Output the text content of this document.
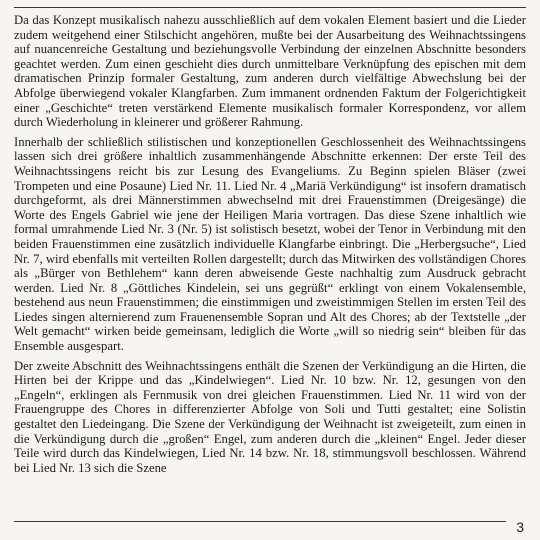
Da das Konzept musikalisch nahezu ausschließlich auf dem vokalen Element basiert und die Lieder zudem weitgehend einer Stilschicht angehören, mußte bei der Ausarbeitung des Weihnachtssingens auf nuancenreiche Gestaltung und beziehungsvolle Verbindung der einzelnen Abschnitte besonders geachtet werden. Zum einen geschieht dies durch unmittelbare Verknüpfung des epischen mit dem dramatischen Prinzip formaler Gestaltung, zum anderen durch vielfältige Abwechslung bei der Abfolge überwiegend vokaler Klangfarben. Zum immanent ordnenden Faktum der Folgerichtigkeit einer „Geschichte“ treten verstärkend Elemente musikalisch formaler Korrespondenz, vor allem durch Wiederholung in kleinerer und größerer Rahmung.

Innerhalb der schließlich stilistischen und konzeptionellen Geschlossenheit des Weihnachtssingens lassen sich drei größere inhaltlich zusammenhängende Abschnitte erkennen: Der erste Teil des Weihnachtssingens reicht bis zur Lesung des Evangeliums. Zu Beginn spielen Bläser (zwei Trompeten und eine Posaune) Lied Nr. 11. Lied Nr. 4 „Mariä Verkündigung“ ist insofern dramatisch durchgeformt, als drei Männerstimmen abwechselnd mit drei Frauenstimmen (Dreigesänge) die Worte des Engels Gabriel wie jene der Heiligen Maria vortragen. Das diese Szene inhaltlich wie formal umrahmende Lied Nr. 3 (Nr. 5) ist solistisch besetzt, wobei der Tenor in Verbindung mit den beiden Frauenstimmen eine zusätzlich individuelle Klangfarbe einbringt. Die „Herbergsuche“, Lied Nr. 7, wird ebenfalls mit verteilten Rollen dargestellt; durch das Mitwirken des vollständigen Chores als „Bürger von Bethlehem“ kann deren abweisende Geste nachhaltig zum Ausdruck gebracht werden. Lied Nr. 8 „Göttliches Kindelein, sei uns gegrüßt“ erklingt von einem Vokalensemble, bestehend aus neun Frauenstimmen; die einstimmigen und zweistimmigen Stellen im ersten Teil des Liedes singen alternierend zum Frauenensemble Sopran und Alt des Chores; ab der Textstelle „der Welt gemacht“ wirken beide gemeinsam, lediglich die Worte „will so niedrig sein“ bleiben für das Ensemble ausgespart.

Der zweite Abschnitt des Weihnachtssingens enthält die Szenen der Verkündigung an die Hirten, die Hirten bei der Krippe und das „Kindelwiegen“. Lied Nr. 10 bzw. Nr. 12, gesungen von den „Engeln“, erklingen als Fernmusik von drei gleichen Frauenstimmen. Lied Nr. 11 wird von der Frauengruppe des Chores in differenzierter Abfolge von Soli und Tutti gestaltet; eine Solistin gestaltet den Liedeingang. Die Szene der Verkündigung der Weihnacht ist zweigeteilt, zum einen in die Verkündigung durch die „großen“ Engel, zum anderen durch die „kleinen“ Engel. Jeder dieser Teile wird durch das Kindelwiegen, Lied Nr. 14 bzw. Nr. 18, stimmungsvoll beschlossen. Während bei Lied Nr. 13 sich die Szene

3
